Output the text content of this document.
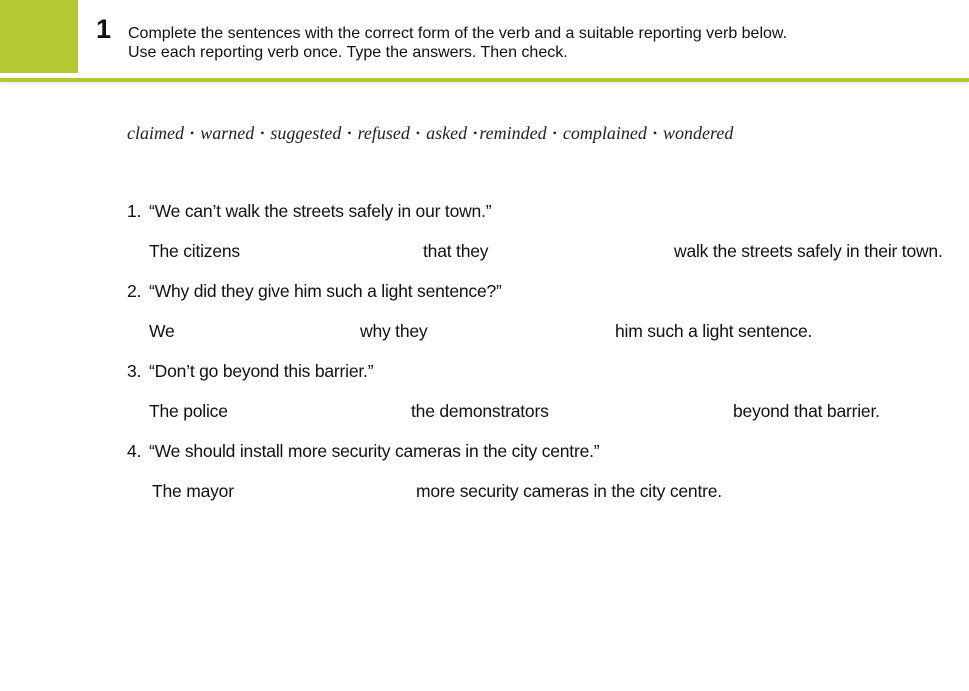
1 Complete the sentences with the correct form of the verb and a suitable reporting verb below.
Use each reporting verb once. Type the answers. Then check.
claimed • warned • suggested • refused • asked • reminded • complained • wondered
1. “We can’t walk the streets safely in our town.”
The citizens	that they	walk the streets safely in their town.
2. “Why did they give him such a light sentence?”
We	why they	him such a light sentence.
3. “Don’t go beyond this barrier.”
The police	the demonstrators	beyond that barrier.
4. “We should install more security cameras in the city centre.”
The mayor	more security cameras in the city centre.
